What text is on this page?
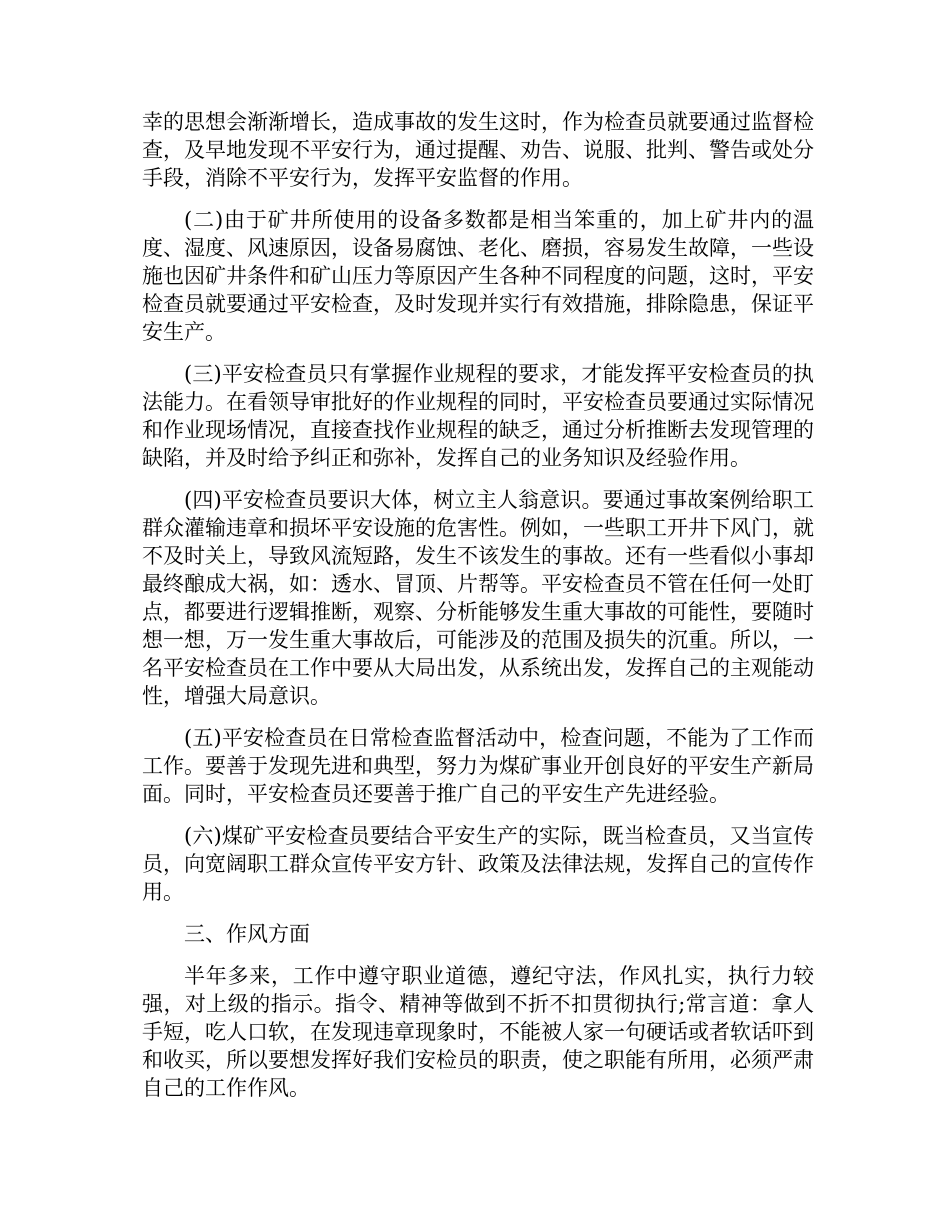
幸的思想会渐渐增长，造成事故的发生这时，作为检查员就要通过监督检查，及早地发现不平安行为，通过提醒、劝告、说服、批判、警告或处分手段，消除不平安行为，发挥平安监督的作用。

(二)由于矿井所使用的设备多数都是相当笨重的，加上矿井内的温度、湿度、风速原因，设备易腐蚀、老化、磨损，容易发生故障，一些设施也因矿井条件和矿山压力等原因产生各种不同程度的问题，这时，平安检查员就要通过平安检查，及时发现并实行有效措施，排除隐患，保证平安生产。

(三)平安检查员只有掌握作业规程的要求，才能发挥平安检查员的执法能力。在看领导审批好的作业规程的同时，平安检查员要通过实际情况和作业现场情况，直接查找作业规程的缺乏，通过分析推断去发现管理的缺陷，并及时给予纠正和弥补，发挥自己的业务知识及经验作用。

(四)平安检查员要识大体，树立主人翁意识。要通过事故案例给职工群众灌输违章和损坏平安设施的危害性。例如，一些职工开井下风门，就不及时关上，导致风流短路，发生不该发生的事故。还有一些看似小事却最终酿成大祸，如：透水、冒顶、片帮等。平安检查员不管在任何一处盯点，都要进行逻辑推断，观察、分析能够发生重大事故的可能性，要随时想一想，万一发生重大事故后，可能涉及的范围及损失的沉重。所以，一名平安检查员在工作中要从大局出发，从系统出发，发挥自己的主观能动性，增强大局意识。

(五)平安检查员在日常检查监督活动中，检查问题，不能为了工作而工作。要善于发现先进和典型，努力为煤矿事业开创良好的平安生产新局面。同时，平安检查员还要善于推广自己的平安生产先进经验。

(六)煤矿平安检查员要结合平安生产的实际，既当检查员，又当宣传员，向宽阔职工群众宣传平安方针、政策及法律法规，发挥自己的宣传作用。

三、作风方面

半年多来，工作中遵守职业道德，遵纪守法，作风扎实，执行力较强，对上级的指示。指令、精神等做到不折不扣贯彻执行;常言道：拿人手短，吃人口软，在发现违章现象时，不能被人家一句硬话或者软话吓到和收买，所以要想发挥好我们安检员的职责，使之职能有所用，必须严肃自己的工作作风。
